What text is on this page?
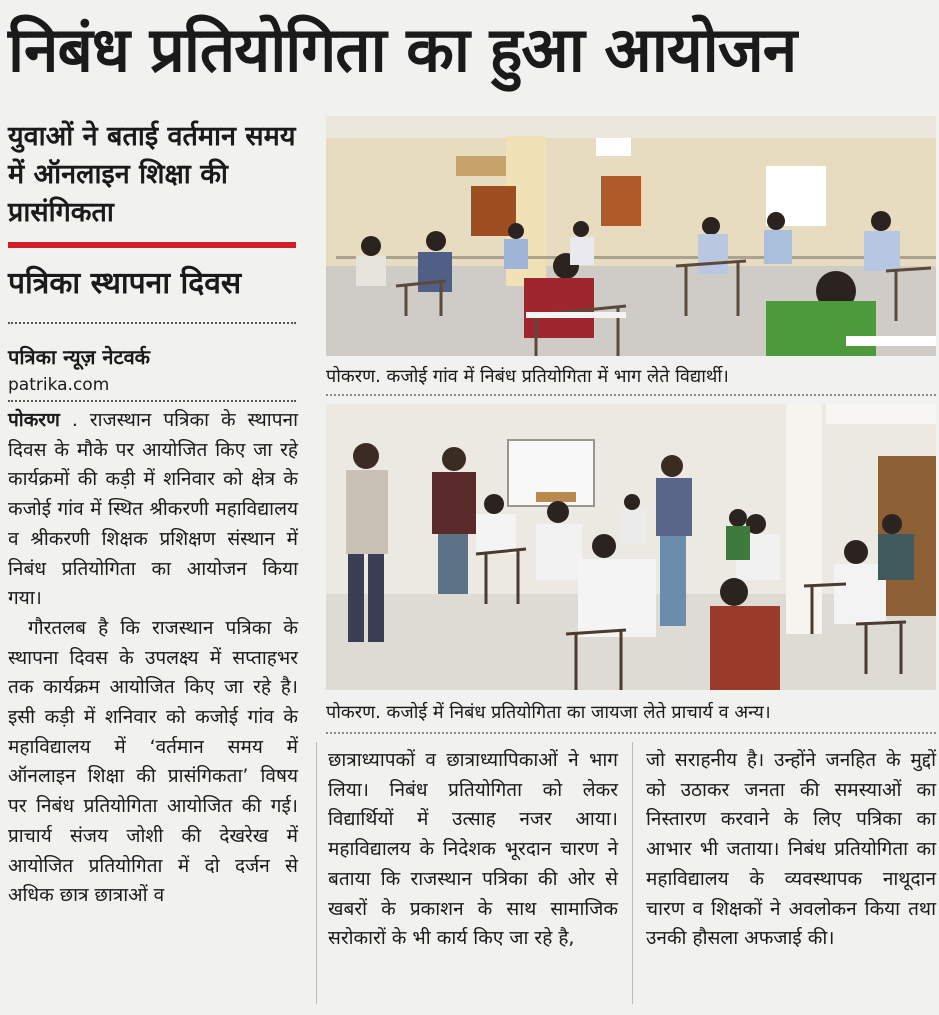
निबंध प्रतियोगिता का हुआ आयोजन
युवाओं ने बताई वर्तमान समय में ऑनलाइन शिक्षा की प्रासंगिकता
पत्रिका स्थापना दिवस
पत्रिका न्यूज़ नेटवर्क
patrika.com

पोकरण . राजस्थान पत्रिका के स्थापना दिवस के मौके पर आयोजित किए जा रहे कार्यक्रमों की कड़ी में शनिवार को क्षेत्र के कजोई गांव में स्थित श्रीकरणी महाविद्यालय व श्रीकरणी शिक्षक प्रशिक्षण संस्थान में निबंध प्रतियोगिता का आयोजन किया गया।

गौरतलब है कि राजस्थान पत्रिका के स्थापना दिवस के उपलक्ष्य में सप्ताहभर तक कार्यक्रम आयोजित किए जा रहे है। इसी कड़ी में शनिवार को कजोई गांव के महाविद्यालय में ‘वर्तमान समय में ऑनलाइन शिक्षा की प्रासंगिकता’ विषय पर निबंध प्रतियोगिता आयोजित की गई। प्राचार्य संजय जोशी की देखरेख में आयोजित प्रतियोगिता में दो दर्जन से अधिक छात्र छात्राओं व

पोकरण. कजोई गांव में निबंध प्रतियोगिता में भाग लेते विद्यार्थी।
पोकरण. कजोई में निबंध प्रतियोगिता का जायजा लेते प्राचार्य व अन्य।

छात्राध्यापकों व छात्राध्यापिकाओं ने भाग लिया। निबंध प्रतियोगिता को लेकर विद्यार्थियों में उत्साह नजर आया। महाविद्यालय के निदेशक भूरदान चारण ने बताया कि राजस्थान पत्रिका की ओर से खबरों के प्रकाशन के साथ सामाजिक सरोकारों के भी कार्य किए जा रहे है,

जो सराहनीय है। उन्होंने जनहित के मुद्दों को उठाकर जनता की समस्याओं का निस्तारण करवाने के लिए पत्रिका का आभार भी जताया। निबंध प्रतियोगिता का महाविद्यालय के व्यवस्थापक नाथूदान चारण व शिक्षकों ने अवलोकन किया तथा उनकी हौसला अफजाई की।
